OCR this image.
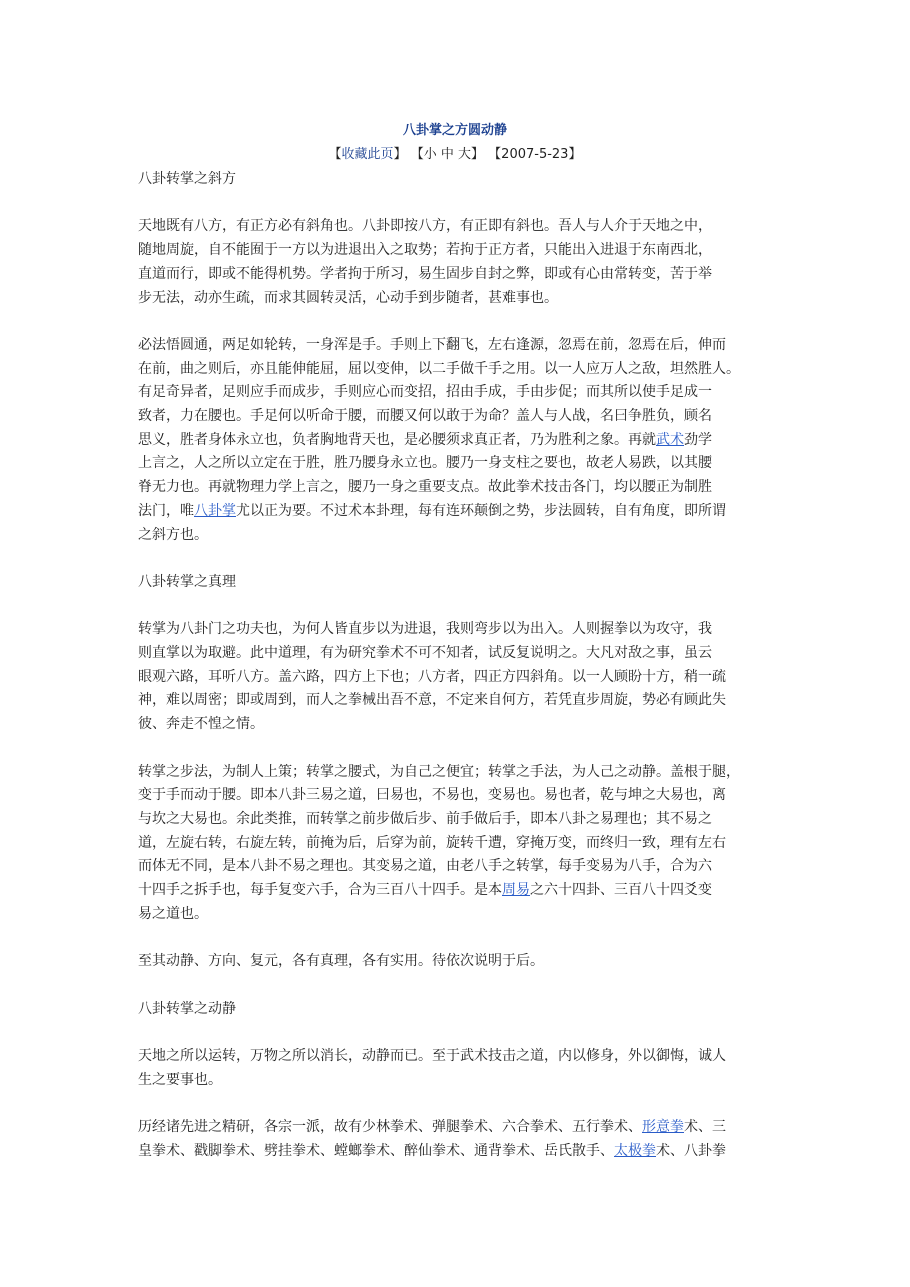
八卦掌之方圆动静
【收藏此页】 【小 中 大】 【2007-5-23】

八卦转掌之斜方

天地既有八方，有正方必有斜角也。八卦即按八方，有正即有斜也。吾人与人介于天地之中，

随地周旋，自不能囿于一方以为进退出入之取势；若拘于正方者，只能出入进退于东南西北，

直道而行，即或不能得机势。学者拘于所习，易生固步自封之弊，即或有心由常转变，苦于举

步无法，动亦生疏，而求其圆转灵活，心动手到步随者，甚难事也。

必法悟圆通，两足如轮转，一身浑是手。手则上下翻飞，左右逢源，忽焉在前，忽焉在后，伸而

在前，曲之则后，亦且能伸能屈，屈以变伸，以二手做千手之用。以一人应万人之敌，坦然胜人。

有足奇异者，足则应手而成步，手则应心而变招，招由手成，手由步促；而其所以使手足成一

致者，力在腰也。手足何以听命于腰，而腰又何以敢于为命？盖人与人战，名曰争胜负，顾名

思义，胜者身体永立也，负者胸地背天也，是必腰须求真正者，乃为胜利之象。再就武术劲学

上言之，人之所以立定在于胜，胜乃腰身永立也。腰乃一身支柱之要也，故老人易跌，以其腰

脊无力也。再就物理力学上言之，腰乃一身之重要支点。故此拳术技击各门，均以腰正为制胜

法门，唯八卦掌尤以正为要。不过术本卦理，每有连环颠倒之势，步法圆转，自有角度，即所谓

之斜方也。

八卦转掌之真理

转掌为八卦门之功夫也，为何人皆直步以为进退，我则弯步以为出入。人则握拳以为攻守，我

则直掌以为取避。此中道理，有为研究拳术不可不知者，试反复说明之。大凡对敌之事，虽云

眼观六路，耳听八方。盖六路，四方上下也；八方者，四正方四斜角。以一人顾盼十方，稍一疏

神，难以周密；即或周到，而人之拳械出吾不意，不定来自何方，若凭直步周旋，势必有顾此失

彼、奔走不惶之情。

转掌之步法，为制人上策；转掌之腰式，为自己之便宜；转掌之手法，为人己之动静。盖根于腿，

变于手而动于腰。即本八卦三易之道，曰易也，不易也，变易也。易也者，乾与坤之大易也，离

与坎之大易也。余此类推，而转掌之前步做后步、前手做后手，即本八卦之易理也；其不易之

道，左旋右转，右旋左转，前掩为后，后穿为前，旋转千遭，穿掩万变，而终归一致，理有左右

而体无不同，是本八卦不易之理也。其变易之道，由老八手之转掌，每手变易为八手，合为六

十四手之拆手也，每手复变六手，合为三百八十四手。是本周易之六十四卦、三百八十四爻变

易之道也。

至其动静、方向、复元，各有真理，各有实用。待依次说明于后。

八卦转掌之动静

天地之所以运转，万物之所以消长，动静而已。至于武术技击之道，内以修身，外以御悔，诚人

生之要事也。

历经诸先进之精研，各宗一派，故有少林拳术、弹腿拳术、六合拳术、五行拳术、形意拳术、三

皇拳术、戳脚拳术、劈挂拳术、螳螂拳术、醉仙拳术、通背拳术、岳氏散手、太极拳术、八卦拳
